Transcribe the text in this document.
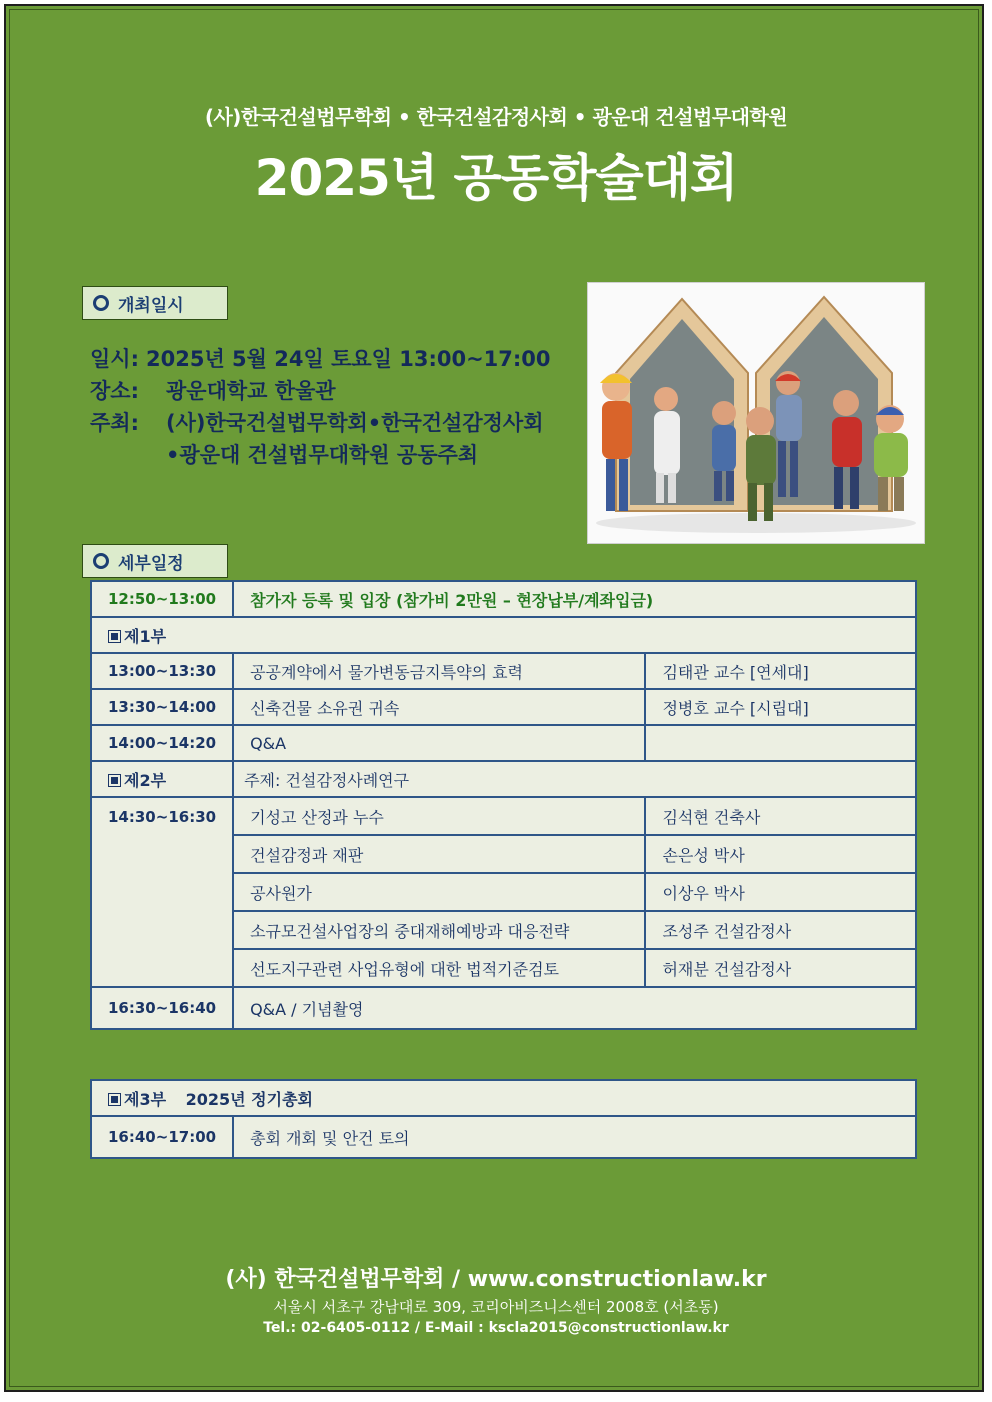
(사)한국건설법무학회 • 한국건설감정사회 • 광운대 건설법무대학원
2025년 공동학술대회
개최일시
일시: 2025년 5월 24일 토요일 13:00~17:00
장소:	광운대학교 한울관
주최:	(사)한국건설법무학회•한국건설감정사회
•광운대 건설법무대학원 공동주최
세부일정
12:50~13:00	참가자 등록 및 입장 (참가비 2만원 – 현장납부/계좌입금)	
제1부		
13:00~13:30	공공계약에서 물가변동금지특약의 효력	김태관 교수 [연세대]
13:30~14:00	신축건물 소유권 귀속	정병호 교수 [시립대]
14:00~14:20	Q&A	
제2부	주제: 건설감정사례연구	
14:30~16:30	기성고 산정과 누수	김석현 건축사
	건설감정과 재판	손은성 박사
	공사원가	이상우 박사
	소규모건설사업장의 중대재해예방과 대응전략	조성주 건설감정사
	선도지구관련 사업유형에 대한 법적기준검토	허재분 건설감정사
16:30~16:40	Q&A / 기념촬영	
제3부 2025년 정기총회
16:40~17:00	총회 개회 및 안건 토의
(사) 한국건설법무학회 / www.constructionlaw.kr
서울시 서초구 강남대로 309, 코리아비즈니스센터 2008호 (서초동)
Tel.: 02-6405-0112 / E-Mail : kscla2015@constructionlaw.kr
